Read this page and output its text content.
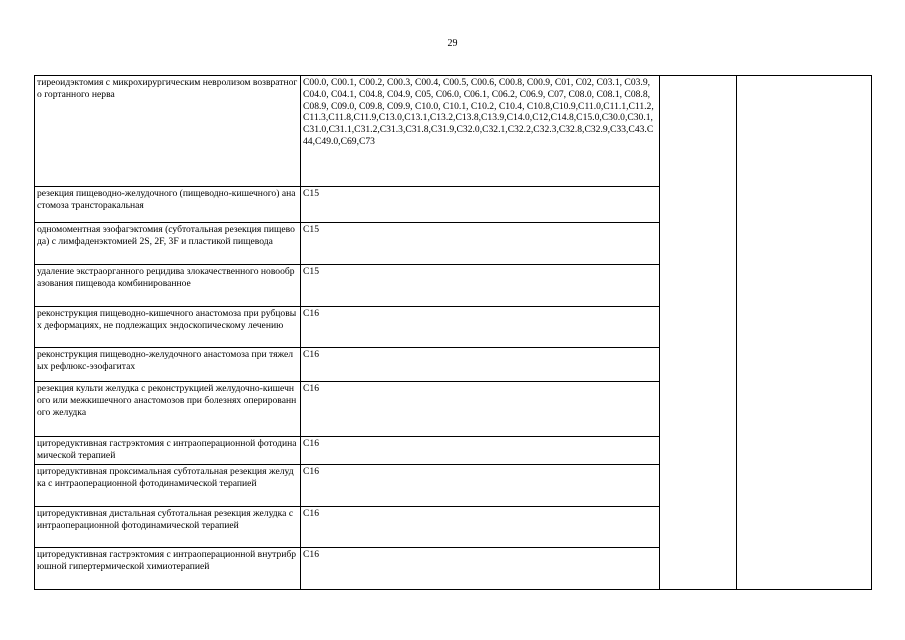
29
тиреоидэктомия с микрохирургическим невролизом возвратного гортанного нерва	C00.0, C00.1, C00.2, C00.3, C00.4, C00.5, C00.6, C00.8, C00.9, C01, C02, C03.1, C03.9, C04.0, C04.1, C04.8, C04.9, C05, C06.0, C06.1, C06.2, C06.9, C07, C08.0, C08.1, C08.8, C08.9, C09.0, C09.8, C09.9, C10.0, C10.1, C10.2, C10.4, C10.8,C10.9,C11.0,C11.1,C11.2,C11.3,C11.8,C11.9,C13.0,C13.1,C13.2,C13.8,C13.9,C14.0,C12,C14.8,C15.0,C30.0,C30.1,C31.0,C31.1,C31.2,C31.3,C31.8,C31.9,C32.0,C32.1,C32.2,C32.3,C32.8,C32.9,C33,C43.C44,C49.0,C69,C73		
резекция пищеводно-желудочного (пищеводно-кишечного) анастомоза трансторакальная	C15		
одномоментная эзофагэктомия (субтотальная резекция пищевода) с лимфаденэктомией 2S, 2F, 3F и пластикой пищевода	C15		
удаление экстраорганного рецидива злокачественного новообразования пищевода комбинированное	C15		
реконструкция пищеводно-кишечного анастомоза при рубцовых деформациях, не подлежащих эндоскопическому лечению	C16		
реконструкция пищеводно-желудочного анастомоза при тяжелых рефлюкс-эзофагитах	C16		
резекция культи желудка с реконструкцией желудочно-кишечного или межкишечного анастомозов при болезнях оперированного желудка	C16		
циторедуктивная гастрэктомия с интраоперационной фотодинамической терапией	C16		
циторедуктивная проксимальная субтотальная резекция желудка с интраоперационной фотодинамической терапией	C16		
циторедуктивная дистальная субтотальная резекция желудка с интраоперационной фотодинамической терапией	C16		
циторедуктивная гастрэктомия с интраоперационной внутрибрюшной гипертермической химиотерапией	C16		
